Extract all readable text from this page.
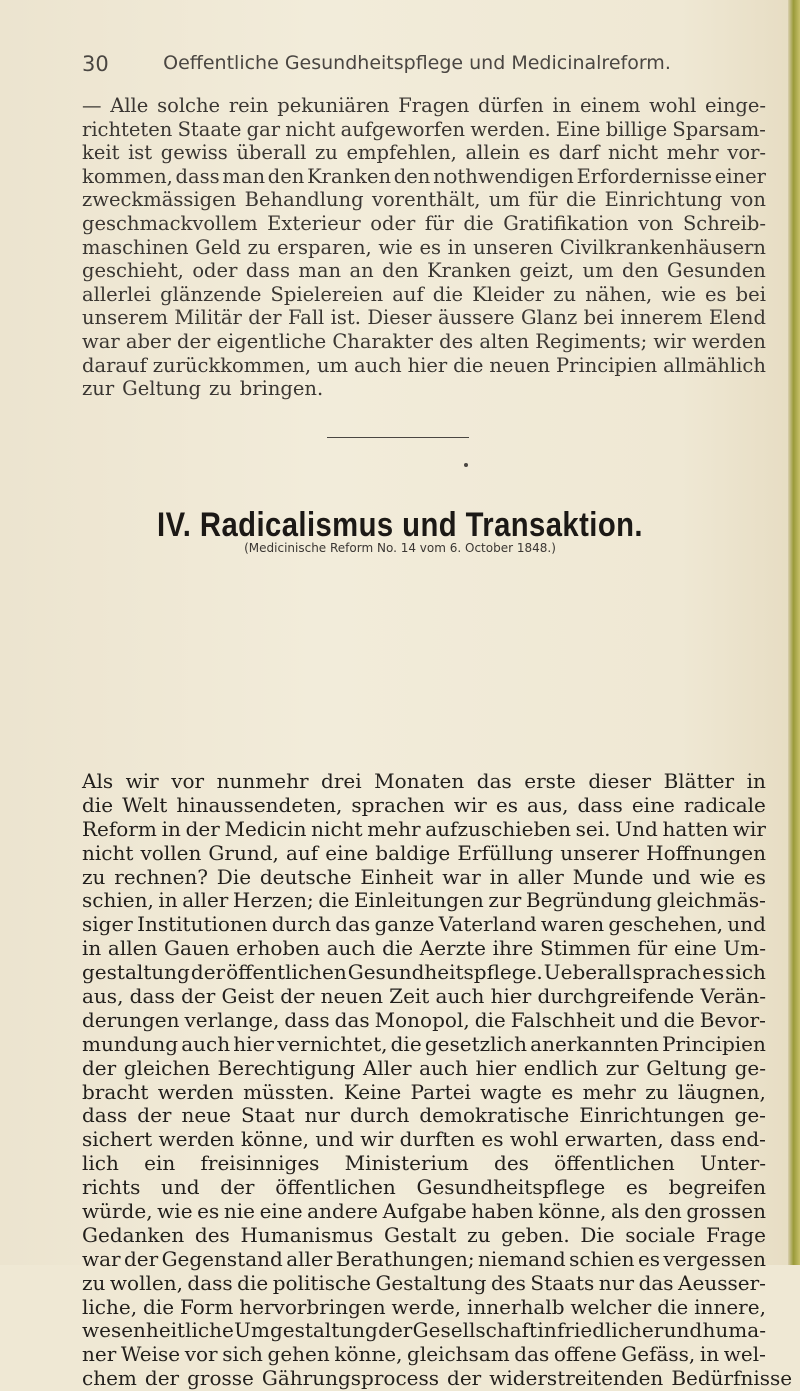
30	Oeffentliche Gesundheitspflege und Medicinalreform.
— Alle solche rein pekuniären Fragen dürfen in einem wohl einge-
richteten Staate gar nicht aufgeworfen werden. Eine billige Sparsam-
keit ist gewiss überall zu empfehlen, allein es darf nicht mehr vor-
kommen, dass man den Kranken den nothwendigen Erfordernisse einer
zweckmässigen Behandlung vorenthält, um für die Einrichtung von
geschmackvollem Exterieur oder für die Gratifikation von Schreib-
maschinen Geld zu ersparen, wie es in unseren Civilkrankenhäusern
geschieht, oder dass man an den Kranken geizt, um den Gesunden
allerlei glänzende Spielereien auf die Kleider zu nähen, wie es bei
unserem Militär der Fall ist. Dieser äussere Glanz bei innerem Elend
war aber der eigentliche Charakter des alten Regiments; wir werden
darauf zurückkommen, um auch hier die neuen Principien allmählich
zur Geltung zu bringen.
IV. Radicalismus und Transaktion.
(Medicinische Reform No. 14 vom 6. October 1848.)
Als wir vor nunmehr drei Monaten das erste dieser Blätter in
die Welt hinaussendeten, sprachen wir es aus, dass eine radicale
Reform in der Medicin nicht mehr aufzuschieben sei. Und hatten wir
nicht vollen Grund, auf eine baldige Erfüllung unserer Hoffnungen
zu rechnen? Die deutsche Einheit war in aller Munde und wie es
schien, in aller Herzen; die Einleitungen zur Begründung gleichmäs-
siger Institutionen durch das ganze Vaterland waren geschehen, und
in allen Gauen erhoben auch die Aerzte ihre Stimmen für eine Um-
gestaltung der öffentlichen Gesundheitspflege. Ueberall sprach es sich
aus, dass der Geist der neuen Zeit auch hier durchgreifende Verän-
derungen verlange, dass das Monopol, die Falschheit und die Bevor-
mundung auch hier vernichtet, die gesetzlich anerkannten Principien
der gleichen Berechtigung Aller auch hier endlich zur Geltung ge-
bracht werden müssten. Keine Partei wagte es mehr zu läugnen,
dass der neue Staat nur durch demokratische Einrichtungen ge-
sichert werden könne, und wir durften es wohl erwarten, dass end-
lich ein freisinniges Ministerium des öffentlichen Unter-
richts und der öffentlichen Gesundheitspflege es begreifen
würde, wie es nie eine andere Aufgabe haben könne, als den grossen
Gedanken des Humanismus Gestalt zu geben. Die sociale Frage
war der Gegenstand aller Berathungen; niemand schien es vergessen
zu wollen, dass die politische Gestaltung des Staats nur das Aeusser-
liche, die Form hervorbringen werde, innerhalb welcher die innere,
wesenheitliche Umgestaltung der Gesellschaft in friedlicher und huma-
ner Weise vor sich gehen könne, gleichsam das offene Gefäss, in wel-
chem der grosse Gährungsprocess der widerstreitenden Bedürfnisse
